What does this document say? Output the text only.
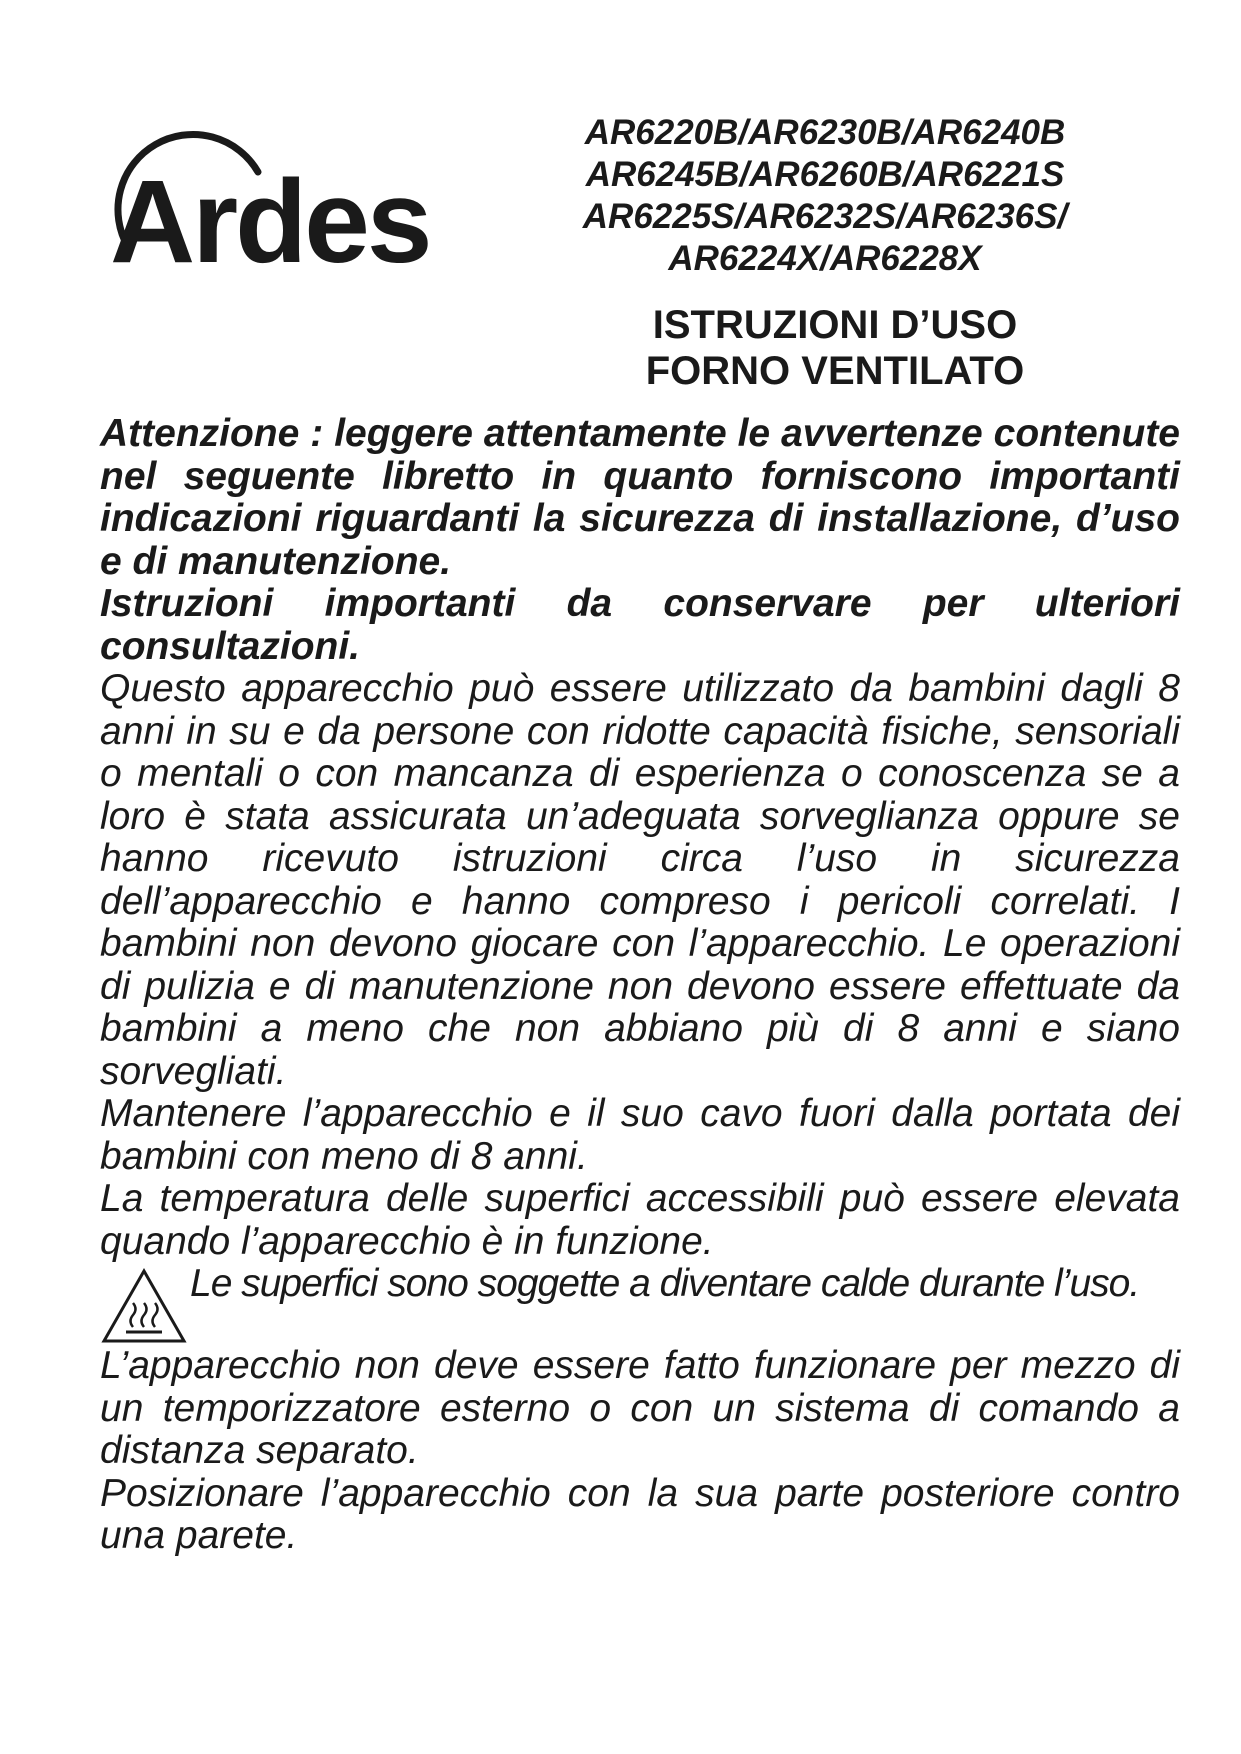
Ardes
AR6220B/AR6230B/AR6240B
AR6245B/AR6260B/AR6221S
AR6225S/AR6232S/AR6236S/
AR6224X/AR6228X
ISTRUZIONI D’USO
FORNO VENTILATO

Attenzione : leggere attentamente le avvertenze contenute nel seguente libretto in quanto forniscono importanti indicazioni riguardanti la sicurezza di installazione, d’uso e di manutenzione.

Istruzioni importanti da conservare per ulteriori consultazioni.

Questo apparecchio può essere utilizzato da bambini dagli 8 anni in su e da persone con ridotte capacità fisiche, sensoriali o mentali o con mancanza di esperienza o conoscenza se a loro è stata assicurata un’adeguata sorveglianza oppure se hanno ricevuto istruzioni circa l’uso in sicurezza dell’apparecchio e hanno compreso i pericoli correlati. I bambini non devono giocare con l’apparecchio. Le operazioni di pulizia e di manutenzione non devono essere effettuate da bambini a meno che non abbiano più di 8 anni e siano sorvegliati.

Mantenere l’apparecchio e il suo cavo fuori dalla portata dei bambini con meno di 8 anni.

La temperatura delle superfici accessibili può essere elevata quando l’apparecchio è in funzione.

Le superfici sono soggette a diventare calde durante l’uso.

L’apparecchio non deve essere fatto funzionare per mezzo di un temporizzatore esterno o con un sistema di comando a distanza separato.

Posizionare l’apparecchio con la sua parte posteriore contro una parete.
